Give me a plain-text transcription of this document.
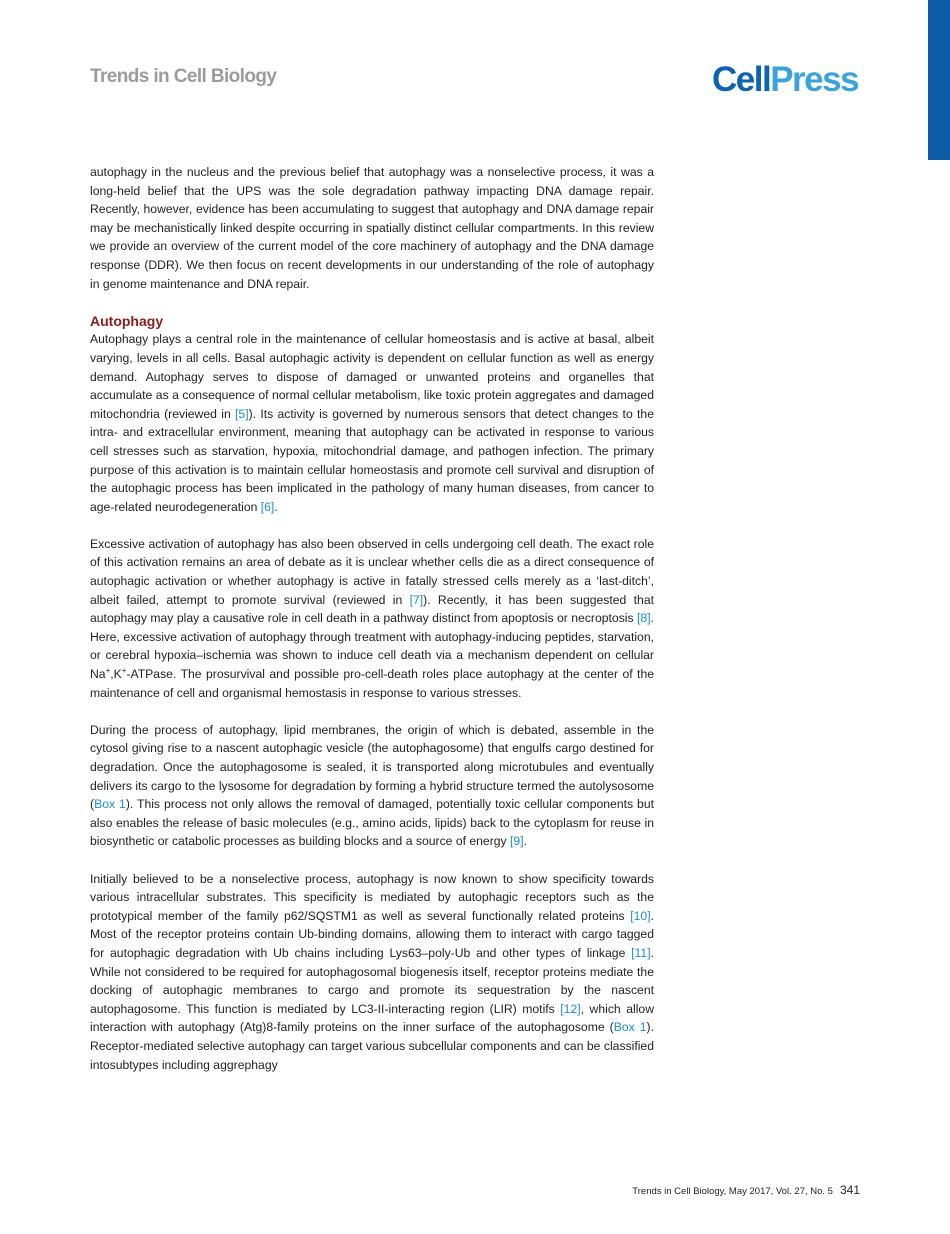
Trends in Cell Biology	CellPress

autophagy in the nucleus and the previous belief that autophagy was a nonselective process, it was a long-held belief that the UPS was the sole degradation pathway impacting DNA damage repair. Recently, however, evidence has been accumulating to suggest that autophagy and DNA damage repair may be mechanistically linked despite occurring in spatially distinct cellular compartments. In this review we provide an overview of the current model of the core machinery of autophagy and the DNA damage response (DDR). We then focus on recent developments in our understanding of the role of autophagy in genome maintenance and DNA repair.

Autophagy

Autophagy plays a central role in the maintenance of cellular homeostasis and is active at basal, albeit varying, levels in all cells. Basal autophagic activity is dependent on cellular function as well as energy demand. Autophagy serves to dispose of damaged or unwanted proteins and organelles that accumulate as a consequence of normal cellular metabolism, like toxic protein aggregates and damaged mitochondria (reviewed in [5]). Its activity is governed by numerous sensors that detect changes to the intra- and extracellular environment, meaning that autophagy can be activated in response to various cell stresses such as starvation, hypoxia, mitochondrial damage, and pathogen infection. The primary purpose of this activation is to maintain cellular homeostasis and promote cell survival and disruption of the autophagic process has been implicated in the pathology of many human diseases, from cancer to age-related neurodegeneration [6].

Excessive activation of autophagy has also been observed in cells undergoing cell death. The exact role of this activation remains an area of debate as it is unclear whether cells die as a direct consequence of autophagic activation or whether autophagy is active in fatally stressed cells merely as a ‘last-ditch’, albeit failed, attempt to promote survival (reviewed in [7]). Recently, it has been suggested that autophagy may play a causative role in cell death in a pathway distinct from apoptosis or necroptosis [8]. Here, excessive activation of autophagy through treatment with autophagy-inducing peptides, starvation, or cerebral hypoxia–ischemia was shown to induce cell death via a mechanism dependent on cellular Na+,K+-ATPase. The prosurvival and possible pro-cell-death roles place autophagy at the center of the maintenance of cell and organismal hemostasis in response to various stresses.

During the process of autophagy, lipid membranes, the origin of which is debated, assemble in the cytosol giving rise to a nascent autophagic vesicle (the autophagosome) that engulfs cargo destined for degradation. Once the autophagosome is sealed, it is transported along microtubules and eventually delivers its cargo to the lysosome for degradation by forming a hybrid structure termed the autolysosome (Box 1). This process not only allows the removal of damaged, potentially toxic cellular components but also enables the release of basic molecules (e.g., amino acids, lipids) back to the cytoplasm for reuse in biosynthetic or catabolic processes as building blocks and a source of energy [9].

Initially believed to be a nonselective process, autophagy is now known to show specificity towards various intracellular substrates. This specificity is mediated by autophagic receptors such as the prototypical member of the family p62/SQSTM1 as well as several functionally related proteins [10]. Most of the receptor proteins contain Ub-binding domains, allowing them to interact with cargo tagged for autophagic degradation with Ub chains including Lys63–poly-Ub and other types of linkage [11]. While not considered to be required for autophagosomal biogenesis itself, receptor proteins mediate the docking of autophagic membranes to cargo and promote its sequestration by the nascent autophagosome. This function is mediated by LC3-II-interacting region (LIR) motifs [12], which allow interaction with autophagy (Atg)8-family proteins on the inner surface of the autophagosome (Box 1). Receptor-mediated selective autophagy can target various subcellular components and can be classified intosubtypes including aggrephagy

Trends in Cell Biology, May 2017, Vol. 27, No. 5 341
